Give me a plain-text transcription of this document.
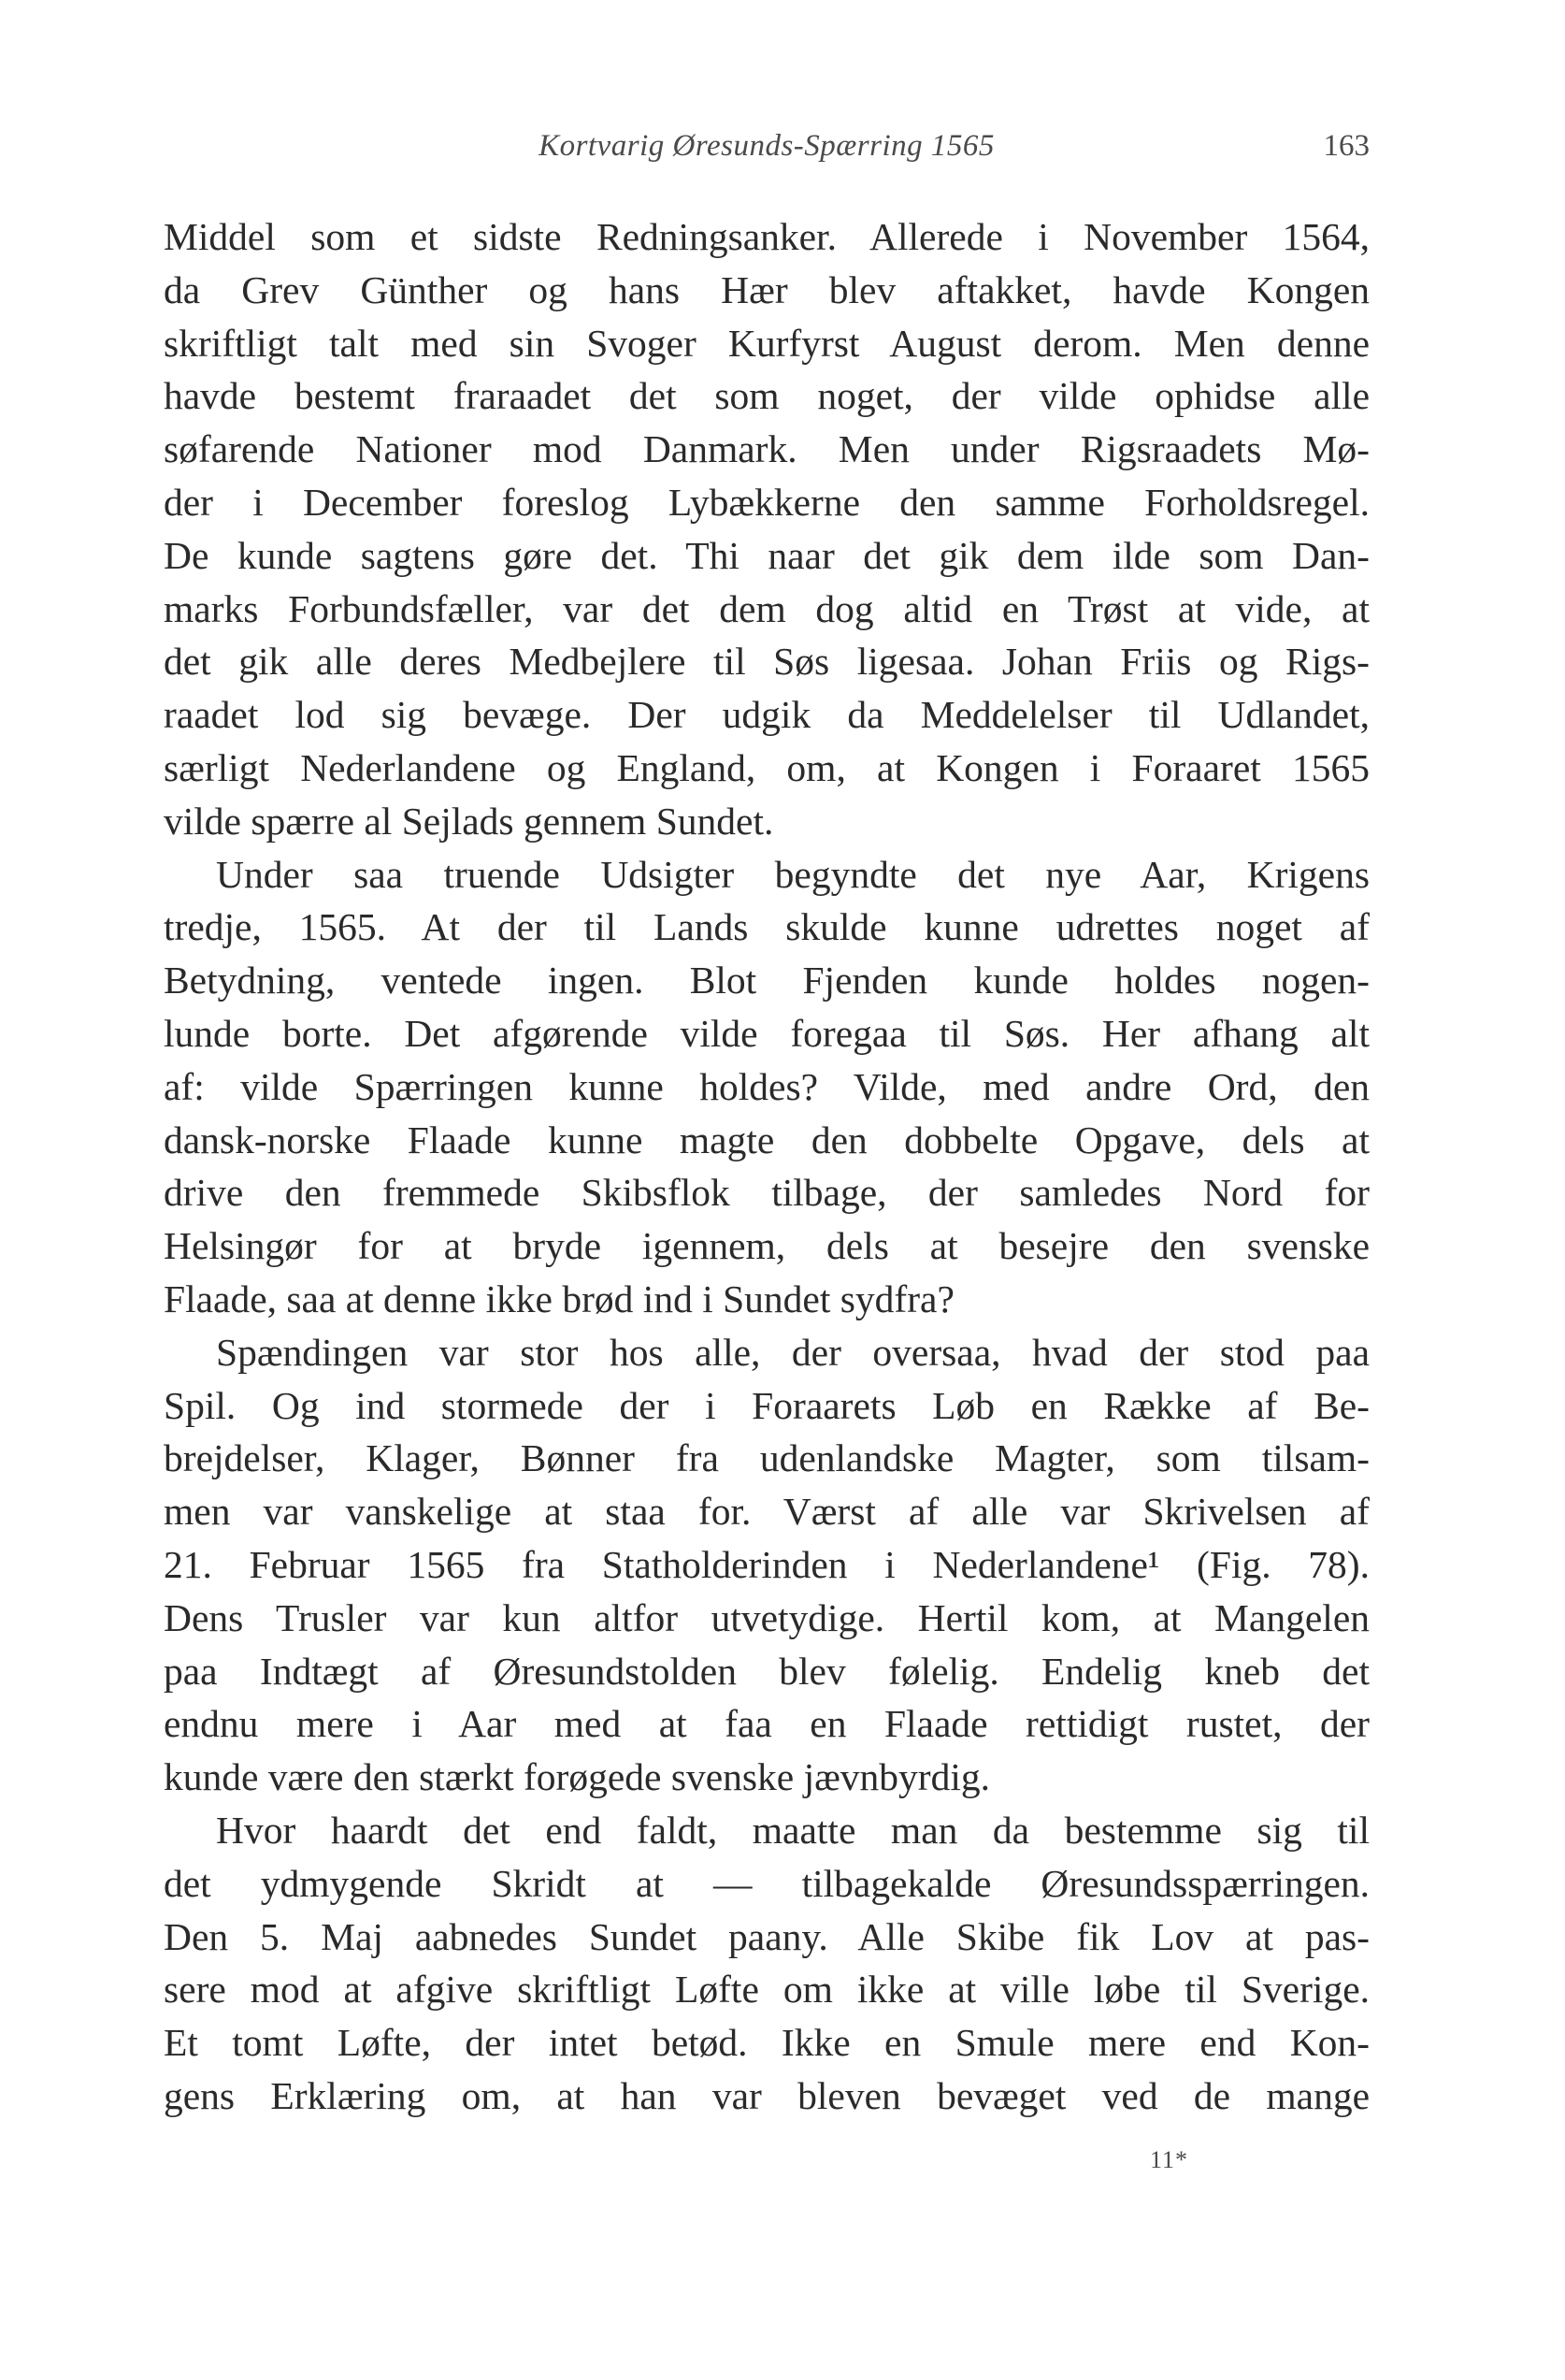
Kortvarig Øresunds-Spærring 1565	163
Middel som et sidste Redningsanker. Allerede i November 1564,
da Grev Günther og hans Hær blev aftakket, havde Kongen
skriftligt talt med sin Svoger Kurfyrst August derom. Men denne
havde bestemt fraraadet det som noget, der vilde ophidse alle
søfarende Nationer mod Danmark. Men under Rigsraadets Mø-
der i December foreslog Lybækkerne den samme Forholdsregel.
De kunde sagtens gøre det. Thi naar det gik dem ilde som Dan-
marks Forbundsfæller, var det dem dog altid en Trøst at vide, at
det gik alle deres Medbejlere til Søs ligesaa. Johan Friis og Rigs-
raadet lod sig bevæge. Der udgik da Meddelelser til Udlandet,
særligt Nederlandene og England, om, at Kongen i Foraaret 1565
vilde spærre al Sejlads gennem Sundet.
Under saa truende Udsigter begyndte det nye Aar, Krigens
tredje, 1565. At der til Lands skulde kunne udrettes noget af
Betydning, ventede ingen. Blot Fjenden kunde holdes nogen-
lunde borte. Det afgørende vilde foregaa til Søs. Her afhang alt
af: vilde Spærringen kunne holdes? Vilde, med andre Ord, den
dansk-norske Flaade kunne magte den dobbelte Opgave, dels at
drive den fremmede Skibsflok tilbage, der samledes Nord for
Helsingør for at bryde igennem, dels at besejre den svenske
Flaade, saa at denne ikke brød ind i Sundet sydfra?
Spændingen var stor hos alle, der oversaa, hvad der stod paa
Spil. Og ind stormede der i Foraarets Løb en Række af Be-
brejdelser, Klager, Bønner fra udenlandske Magter, som tilsam-
men var vanskelige at staa for. Værst af alle var Skrivelsen af
21. Februar 1565 fra Statholderinden i Nederlandene¹ (Fig. 78).
Dens Trusler var kun altfor utvetydige. Hertil kom, at Mangelen
paa Indtægt af Øresundstolden blev følelig. Endelig kneb det
endnu mere i Aar med at faa en Flaade rettidigt rustet, der
kunde være den stærkt forøgede svenske jævnbyrdig.
Hvor haardt det end faldt, maatte man da bestemme sig til
det ydmygende Skridt at — tilbagekalde Øresundsspærringen.
Den 5. Maj aabnedes Sundet paany. Alle Skibe fik Lov at pas-
sere mod at afgive skriftligt Løfte om ikke at ville løbe til Sverige.
Et tomt Løfte, der intet betød. Ikke en Smule mere end Kon-
gens Erklæring om, at han var bleven bevæget ved de mange
11*
